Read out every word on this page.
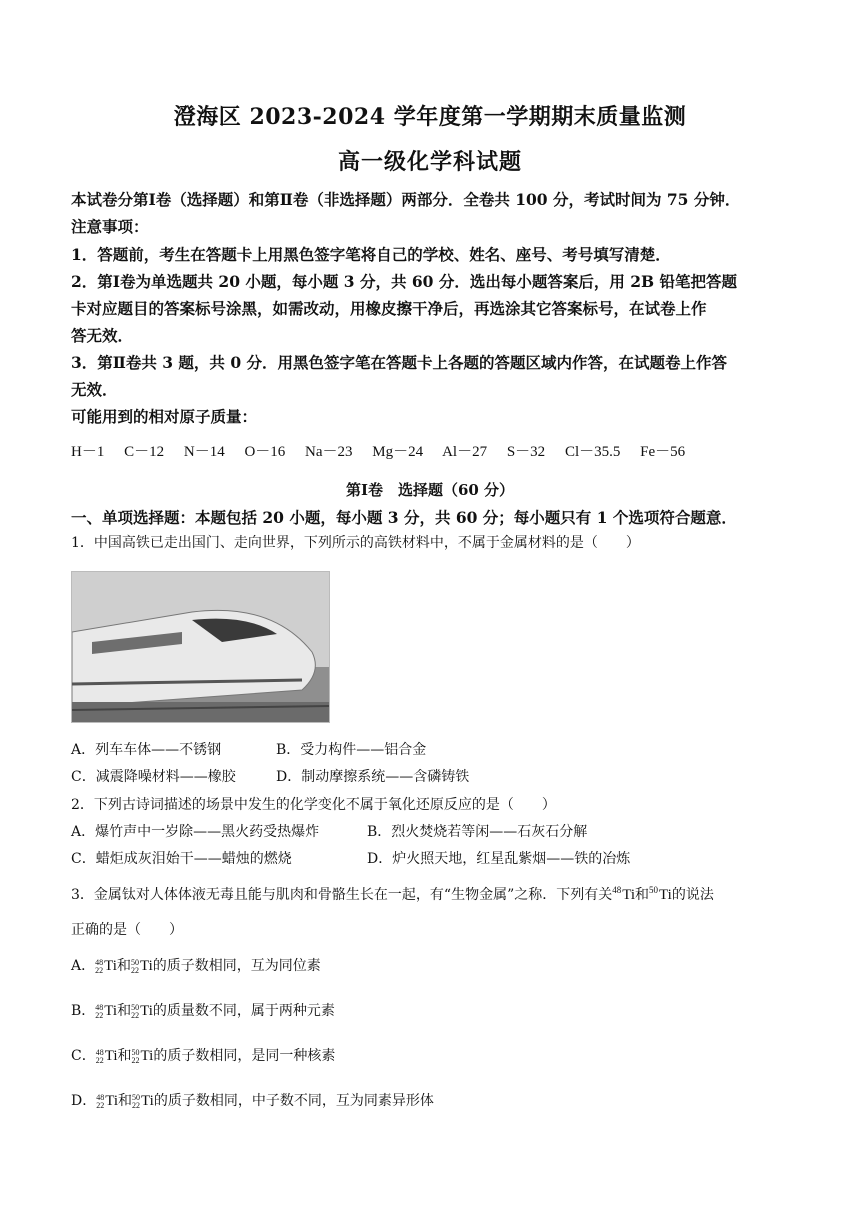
澄海区 2023-2024 学年度第一学期期末质量监测
高一级化学科试题
本试卷分第Ⅰ卷（选择题）和第Ⅱ卷（非选择题）两部分．全卷共 100 分，考试时间为 75 分钟．
注意事项：
1．答题前，考生在答题卡上用黑色签字笔将自己的学校、姓名、座号、考号填写清楚．
2．第Ⅰ卷为单选题共 20 小题，每小题 3 分，共 60 分．选出每小题答案后，用 2B 铅笔把答题
卡对应题目的答案标号涂黑，如需改动，用橡皮擦干净后，再选涂其它答案标号，在试卷上作
答无效．
3．第Ⅱ卷共 3 题，共 0 分．用黑色签字笔在答题卡上各题的答题区域内作答，在试题卷上作答
无效．
可能用到的相对原子质量：
H－1 C－12 N－14 O－16 Na－23 Mg－24 Al－27 S－32 Cl－35.5 Fe－56
第Ⅰ卷　选择题（60 分）
一、单项选择题：本题包括 20 小题，每小题 3 分，共 60 分；每小题只有 1 个选项符合题意．
1．中国高铁已走出国门、走向世界，下列所示的高铁材料中，不属于金属材料的是（　　）
A．列车车体——不锈钢	B．受力构件——铝合金
C．减震降噪材料——橡胶	D．制动摩擦系统——含磷铸铁
2．下列古诗词描述的场景中发生的化学变化不属于氧化还原反应的是（　　）
A．爆竹声中一岁除——黑火药受热爆炸	B．烈火焚烧若等闲——石灰石分解
C．蜡炬成灰泪始干——蜡烛的燃烧	D．炉火照天地，红星乱紫烟——铁的冶炼
3．金属钛对人体体液无毒且能与肌肉和骨骼生长在一起，有“生物金属”之称．下列有关$^{48}$Ti和$^{50}$Ti的说法
正确的是（　　）
A． 48
22 Ti和 50
22 Ti的质子数相同，互为同位素
B． 48
22 Ti和 50
22 Ti的质量数不同，属于两种元素
C． 48
22 Ti和 50
22 Ti的质子数相同，是同一种核素
D． 48
22 Ti和 50
22 Ti的质子数相同，中子数不同，互为同素异形体
